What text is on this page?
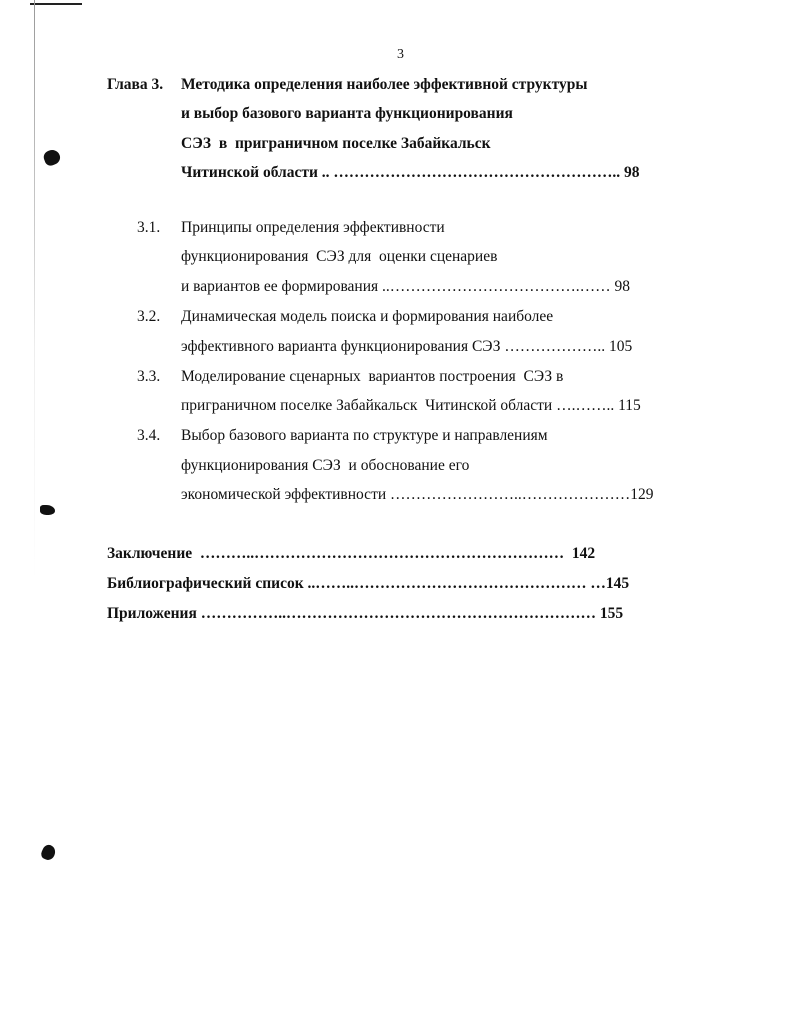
3
Глава 3. Методика определения наиболее эффективной структуры
и выбор базового варианта функционирования
СЭЗ  в  приграничном поселке Забайкальск
Читинской области .. ……………………………………………….. 98
3.1. Принципы определения эффективности
функционирования  СЭЗ для  оценки сценариев
и вариантов ее формирования ..……………………………….…… 98
3.2. Динамическая модель поиска и формирования наиболее
эффективного варианта функционирования СЭЗ ……………….. 105
3.3. Моделирование сценарных  вариантов построения  СЭЗ в
приграничном поселке Забайкальск  Читинской области ….…….. 115
3.4. Выбор базового варианта по структуре и направлениям
функционирования СЭЗ  и обоснование его
экономической эффективности ……………………..…………………129
Заключение  ………..……………………………………………………  142
Библиографический список ..……..……………………………………… …145
Приложения ……………..…………………………………………………… 155
